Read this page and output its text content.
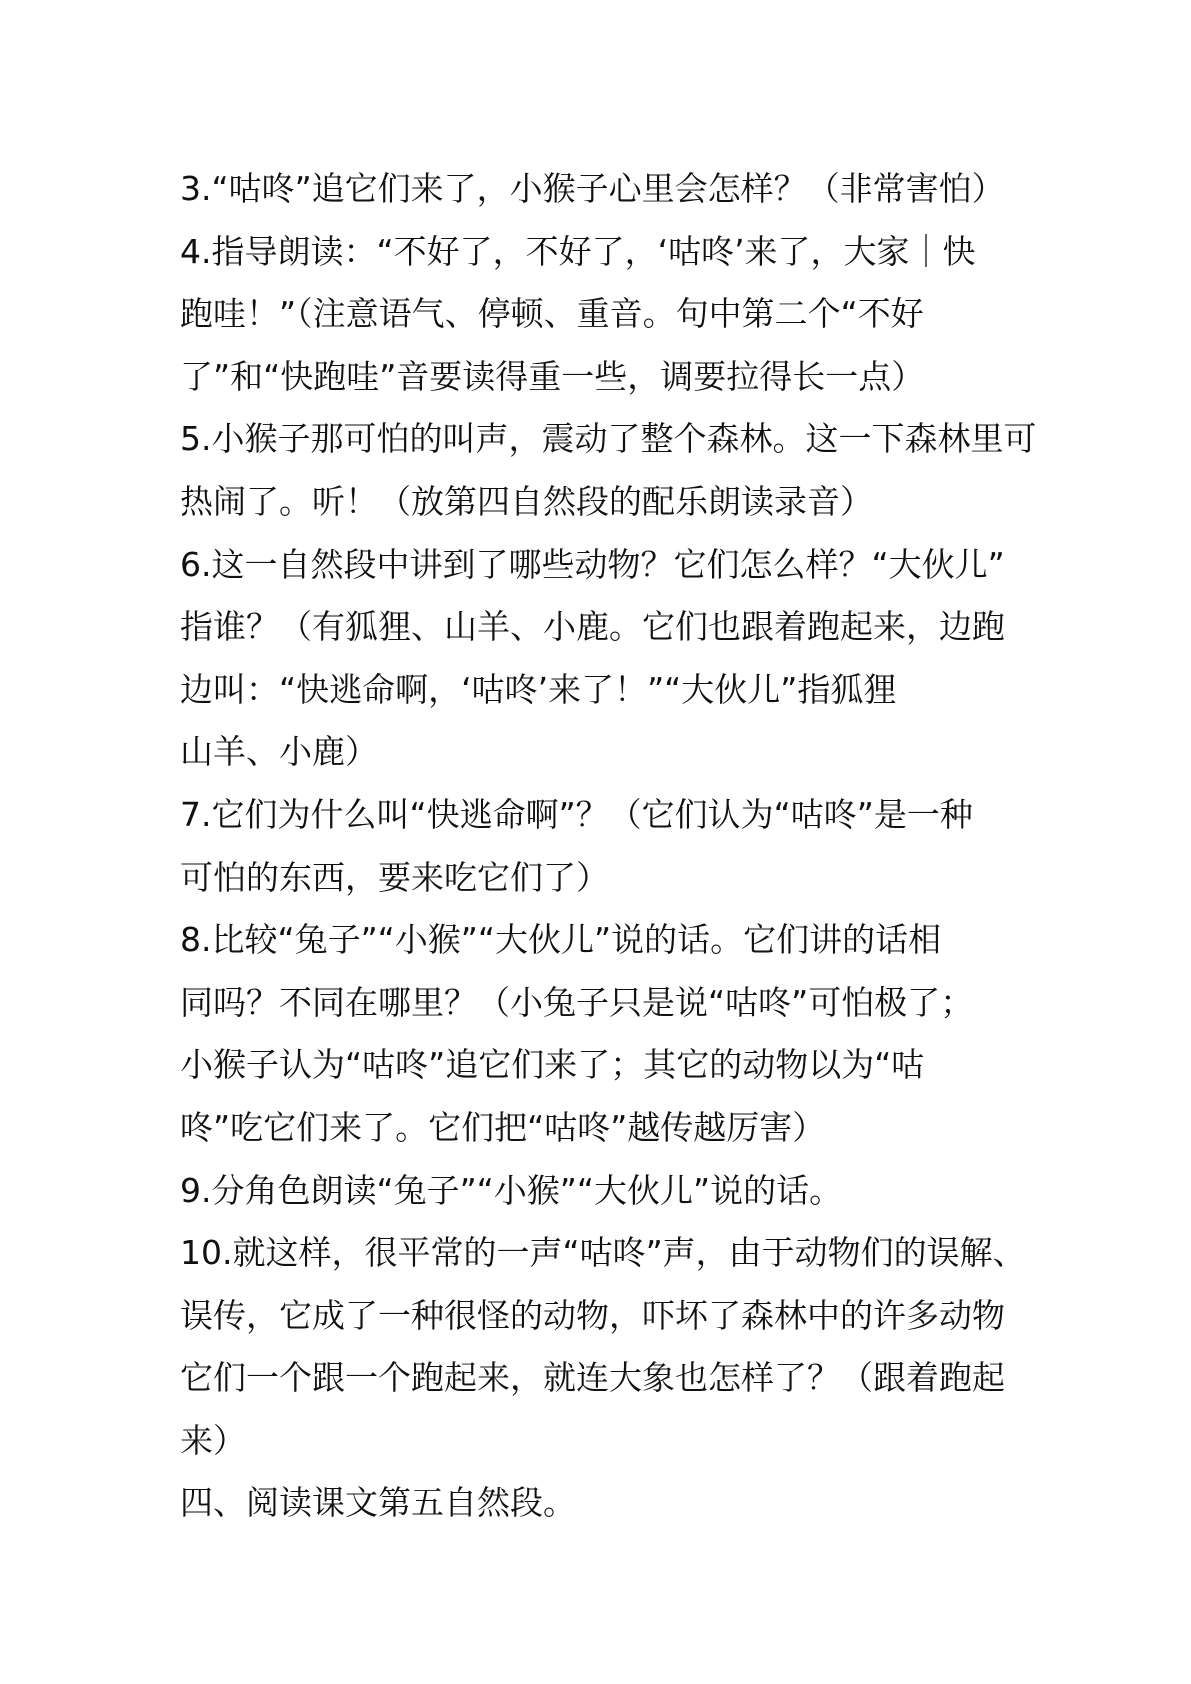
3.“咕咚”追它们来了，小猴子心里会怎样？（非常害怕）
4.指导朗读：“不好了，不好了，‘咕咚’来了，大家｜快
跑哇！”（注意语气、停顿、重音。句中第二个“不好
了”和“快跑哇”音要读得重一些，调要拉得长一点）
5.小猴子那可怕的叫声，震动了整个森林。这一下森林里可
热闹了。听！（放第四自然段的配乐朗读录音）
6.这一自然段中讲到了哪些动物？它们怎么样？“大伙儿”
指谁？（有狐狸、山羊、小鹿。它们也跟着跑起来，边跑
边叫：“快逃命啊，‘咕咚’来了！”“大伙儿”指狐狸
山羊、小鹿）
7.它们为什么叫“快逃命啊”？（它们认为“咕咚”是一种
可怕的东西，要来吃它们了）
8.比较“兔子”“小猴”“大伙儿”说的话。它们讲的话相
同吗？不同在哪里？（小兔子只是说“咕咚”可怕极了；
小猴子认为“咕咚”追它们来了；其它的动物以为“咕
咚”吃它们来了。它们把“咕咚”越传越厉害）
9.分角色朗读“兔子”“小猴”“大伙儿”说的话。
10.就这样，很平常的一声“咕咚”声，由于动物们的误解、
误传，它成了一种很怪的动物，吓坏了森林中的许多动物
它们一个跟一个跑起来，就连大象也怎样了？（跟着跑起
来）
四、阅读课文第五自然段。
